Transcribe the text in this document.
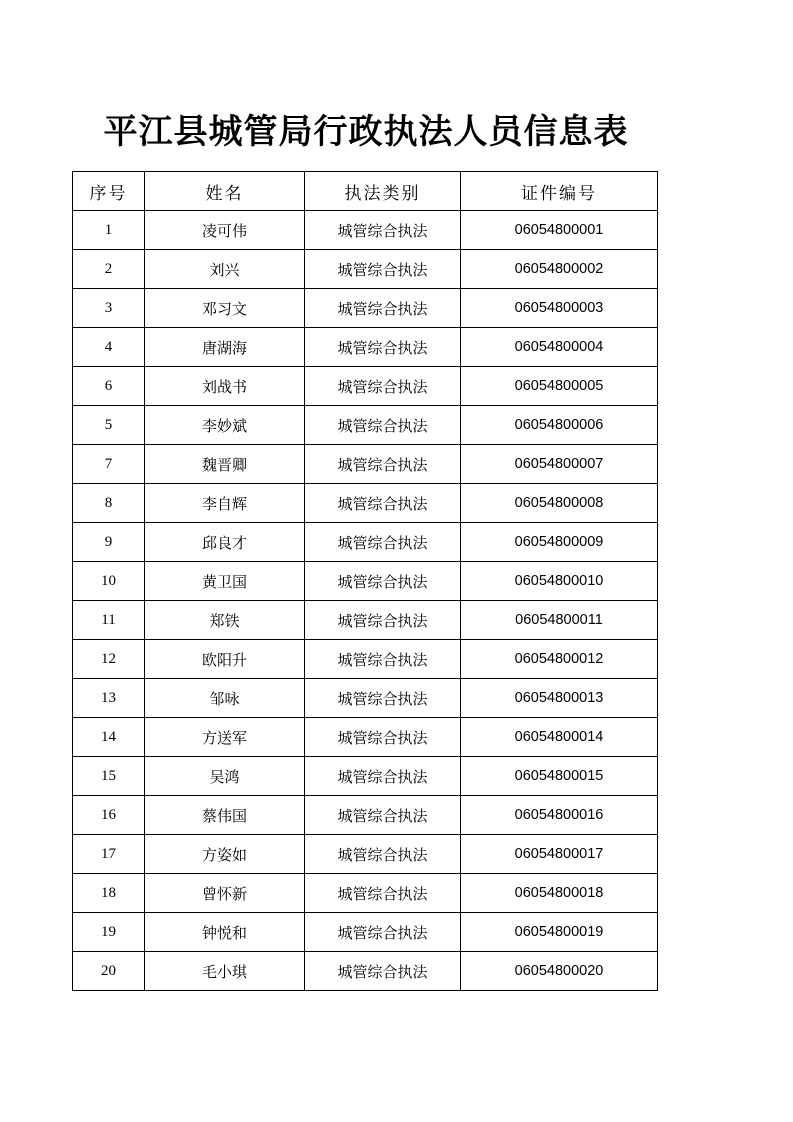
平江县城管局行政执法人员信息表
序号	姓名	执法类别	证件编号
1	凌可伟	城管综合执法	06054800001
2	刘兴	城管综合执法	06054800002
3	邓习文	城管综合执法	06054800003
4	唐湖海	城管综合执法	06054800004
6	刘战书	城管综合执法	06054800005
5	李妙斌	城管综合执法	06054800006
7	魏晋卿	城管综合执法	06054800007
8	李自辉	城管综合执法	06054800008
9	邱良才	城管综合执法	06054800009
10	黄卫国	城管综合执法	06054800010
11	郑铁	城管综合执法	06054800011
12	欧阳升	城管综合执法	06054800012
13	邹咏	城管综合执法	06054800013
14	方送军	城管综合执法	06054800014
15	吴鸿	城管综合执法	06054800015
16	蔡伟国	城管综合执法	06054800016
17	方姿如	城管综合执法	06054800017
18	曾怀新	城管综合执法	06054800018
19	钟悦和	城管综合执法	06054800019
20	毛小琪	城管综合执法	06054800020
